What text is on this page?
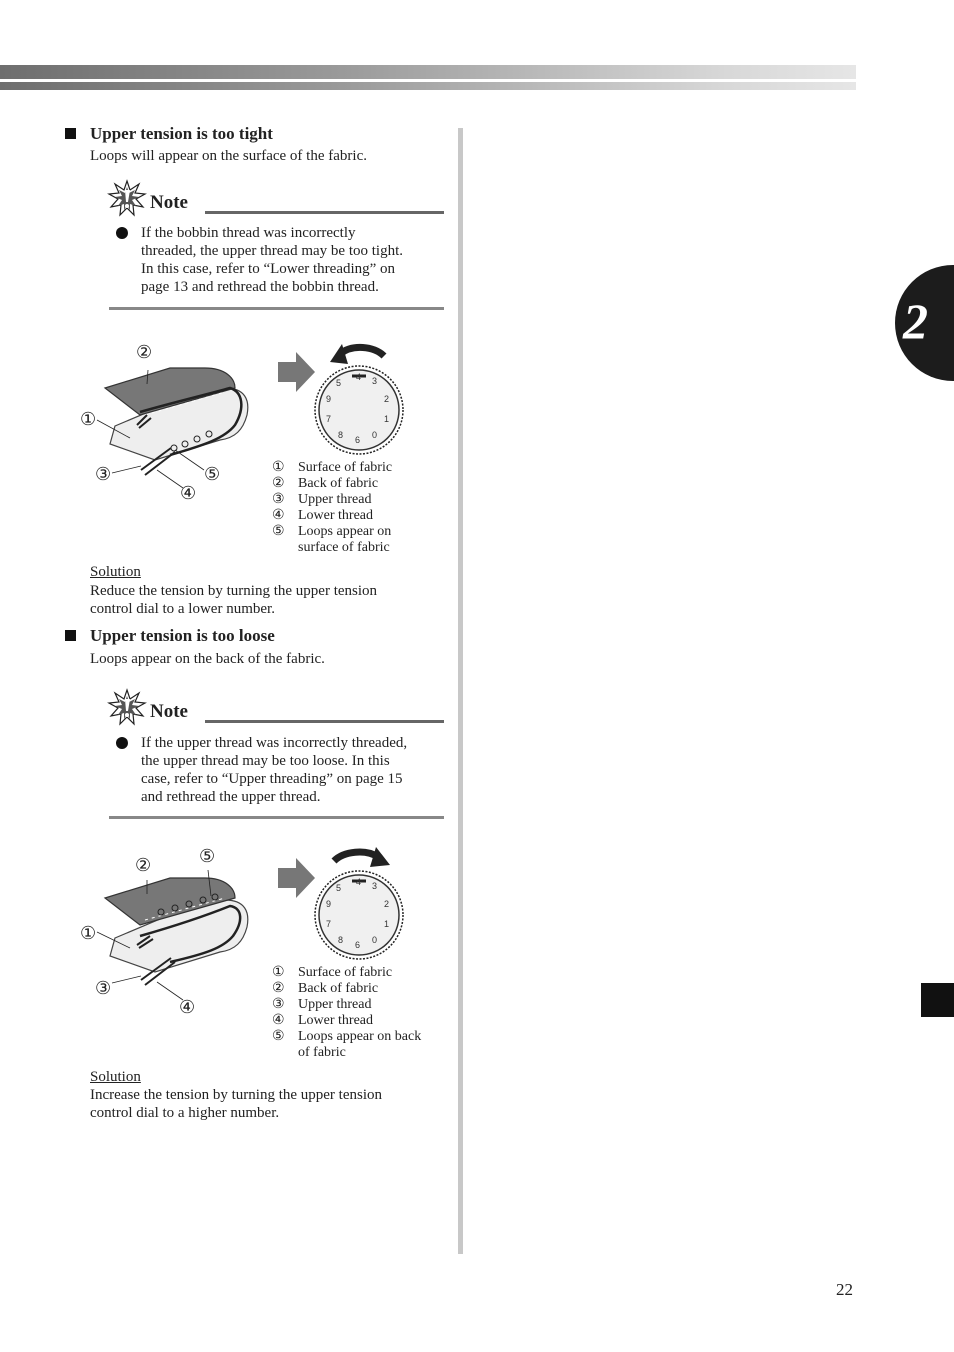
2
22
Upper tension is too tight
Loops will appear on the surface of the fabric.
Note
If the bobbin thread was incorrectly
threaded, the upper thread may be too tight.
In this case, refer to “Lower threading” on
page 13 and rethread the bobbin thread.
②
①
③
④
⑤
4 3
2
1
0
6
8
7
9
5
① Surface of fabric
② Back of fabric
③ Upper thread
④ Lower thread
⑤ Loops appear on
surface of fabric
Solution
Reduce the tension by turning the upper tension
control dial to a lower number.
Upper tension is too loose
Loops appear on the back of the fabric.
Note
If the upper thread was incorrectly threaded,
the upper thread may be too loose. In this
case, refer to “Upper threading” on page 15
and rethread the upper thread.
②	⑤
①
③
④
4 3
2
1
0
6
8
7
9
5
① Surface of fabric
② Back of fabric
③ Upper thread
④ Lower thread
⑤ Loops appear on back
of fabric
Solution
Increase the tension by turning the upper tension
control dial to a higher number.
